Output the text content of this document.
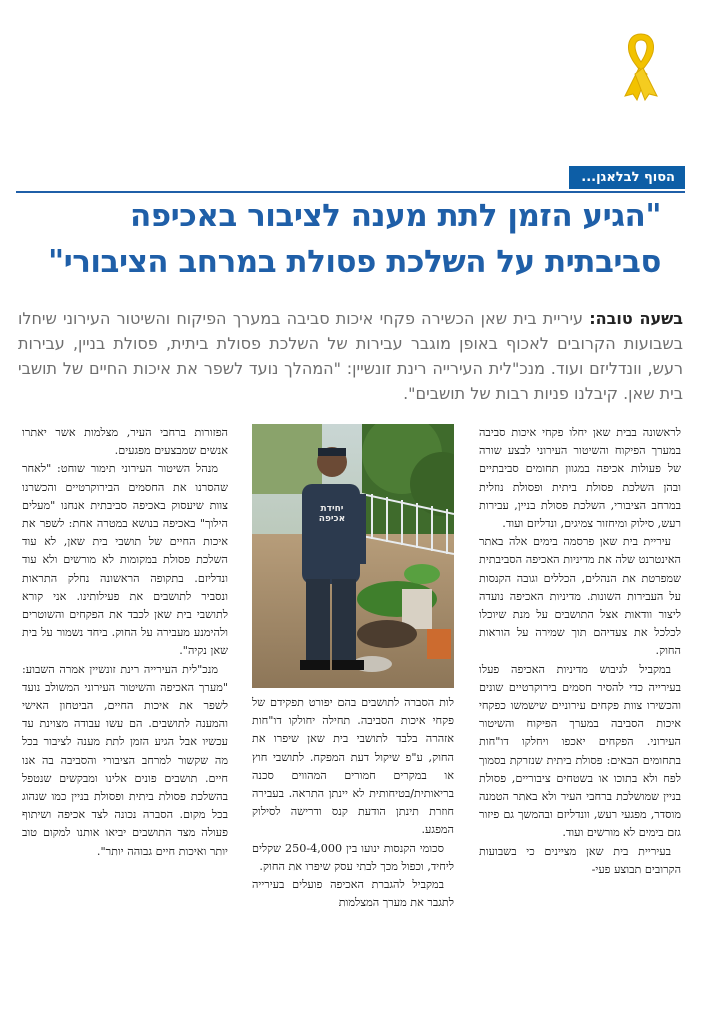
הסוף לבלאגן...
"הגיע הזמן לתת מענה לציבור באכיפה
סביבתית על השלכת פסולת במרחב הציבורי"
בשעה טובה: עיריית בית שאן הכשירה פקחי איכות סביבה במערך הפיקוח והשיטור העירוני שיחלו בשבועות הקרובים לאכוף באופן מוגבר עבירות של השלכת פסולת ביתית, פסולת בניין, עבירות רעש, וונדליזם ועוד. מנכ"לית העירייה רינת זונשיין: "המהלך נועד לשפר את איכות החיים של תושבי בית שאן. קיבלנו פניות רבות של תושבים".

לראשונה בבית שאן יחלו פקחי איכות סביבה במערך הפיקוח והשיטור העירוני לבצע שורה של פעולות אכיפה במגוון תחומים סביבתיים ובהן השלכת פסולת ביתית ופסולת נוזלית במרחב הציבורי, השלכת פסולת בניין, עבירות רעש, סילוק ומיחזור צמיגים, ונדליזם ועוד.

עיריית בית שאן פרסמה בימים אלה באתר האינטרנט שלה את מדיניות האכיפה הסביבתית שמפרטת את הנהלים, הכללים וגובה הקנסות על העבירות השונות. מדיניות האכיפה נועדה ליצור וודאות אצל התושבים על מנת שיוכלו לכלכל את צעדיהם תוך שמירה על הוראות החוק.

במקביל לגיבוש מדיניות האכיפה פעלו בעירייה כדי להסיר חסמים בירוקרטיים שונים והכשירו צוות פקחים עירוניים שישמשו כפקחי איכות הסביבה במערך הפיקוח והשיטור העירוני. הפקחים יאכפו ויחלקו דו"חות בתחומים הבאים: פסולת ביתית שנזרקת בסמוך לפח ולא בתוכו או בשטחים ציבוריים, פסולת בניין שמושלכת ברחבי העיר ולא באתר הטמנה מוסדר, מפגעי רעש, וונדליזם ובהמשך גם פיזור גזם בימים לא מורשים ועוד.

בעיריית בית שאן מציינים כי בשבועות הקרובים תבוצע פעי-

יחידת אכיפה

לות הסברה לתושבים בהם יפורט תפקידם של פקחי איכות הסביבה. תחילה יחולקו דו"חות אזהרה בלבד לתושבי בית שאן שיפרו את החוק, ע"פ שיקול דעת המפקח. לתושבי חוץ או במקרים חמורים המהווים סכנה בריאותית/בטיחותית לא יינתן התראה. בעבירה חוזרת תינתן הודעת קנס ודרישה לסילוק המפגע.

סכומי הקנסות ינועו בין 250-4,000 שקלים ליחיד, וכפול מכך לבתי עסק שיפרו את החוק.

במקביל להגברת האכיפה פועלים בעירייה לתגבר את מערך המצלמות

הפזורות ברחבי העיר, מצלמות אשר יאתרו אנשים שמבצעים מפגעים.

מנהל השיטור העירוני תימור שוחט: "לאחר שהסרנו את החסמים הבירוקרטיים והכשרנו צוות שיעסוק באכיפה סביבתית אנחנו "מעלים הילוך" באכיפה בנושא במטרה אחת: לשפר את איכות החיים של תושבי בית שאן, לא עוד השלכת פסולת במקומות לא מורשים ולא עוד ונדליזם. בתקופה הראשונה נחלק התראות ונסביר לתושבים את פעילותינו. אני קורא לתושבי בית שאן לכבד את הפקחים והשוטרים ולהימנע מעבירה על החוק. ביחד נשמור על בית שאן נקיה".

מנכ"לית העירייה רינת זונשיין אמרה השבוע: "מערך האכיפה והשיטור העירוני המשולב נועד לשפר את איכות החיים, הביטחון האישי והמענה לתושבים. הם עשו עבודה מצוינת עד עכשיו אבל הגיע הזמן לתת מענה לציבור בכל מה שקשור למרחב הציבורי והסביבה בה אנו חיים. תושבים פונים אלינו ומבקשים שנטפל בהשלכת פסולת ביתית ופסולת בניין כמו שנהוג בכל מקום. הסברה נכונה לצד אכיפה ושיתוף פעולה מצד התושבים יביאו אותנו למקום טוב יותר ואיכות חיים גבוהה יותר".
